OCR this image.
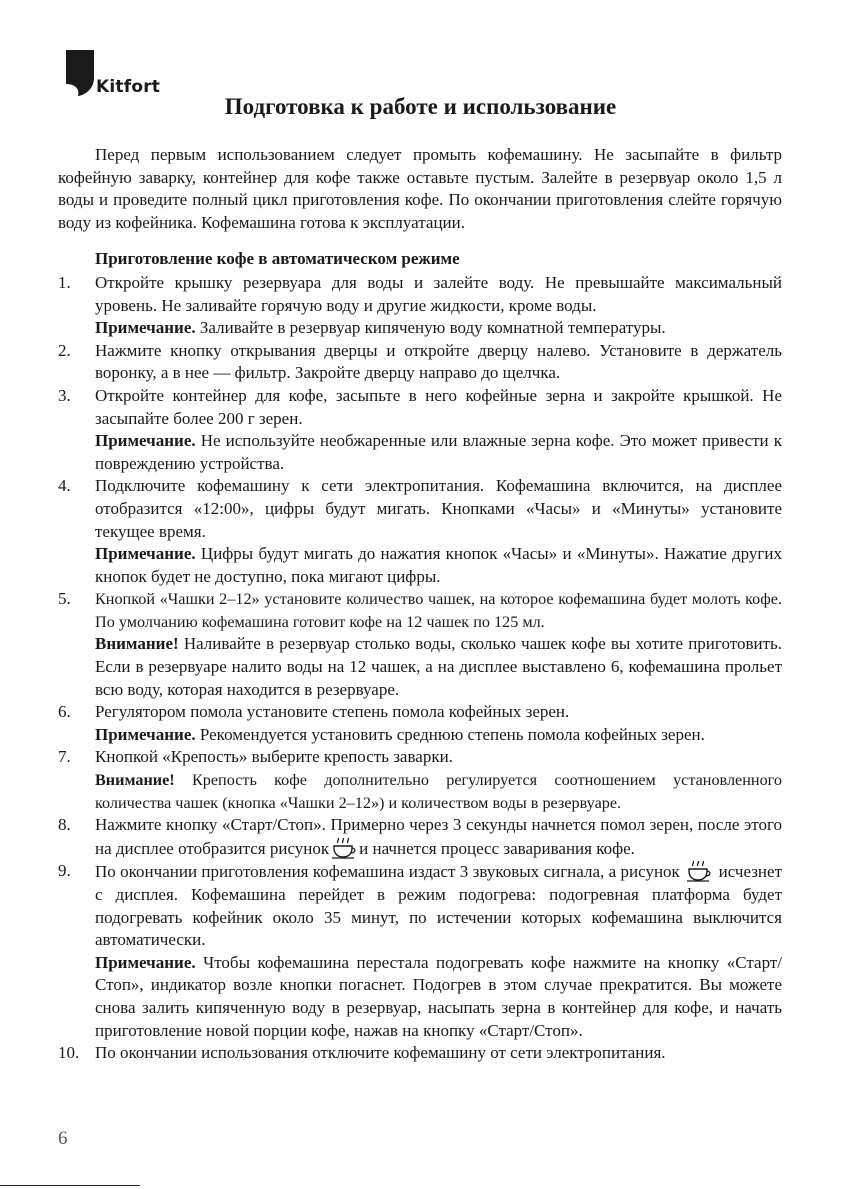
Kitfort
Подготовка к работе и использование

Перед первым использованием следует промыть кофемашину. Не засыпайте в фильтр кофейную заварку, контейнер для кофе также оставьте пустым. Залейте в резервуар около 1,5 л воды и проведите полный цикл приготовления кофе. По окончании приготовления слейте горячую воду из кофейника. Кофемашина готова к эксплуатации.

Приготовление кофе в автоматическом режиме
1. Откройте крышку резервуара для воды и залейте воду. Не превышайте максимальный уровень. Не заливайте горячую воду и другие жидкости, кроме воды.

Примечание. Заливайте в резервуар кипяченую воду комнатной температуры.

2. Нажмите кнопку открывания дверцы и откройте дверцу налево. Установите в держатель воронку, а в нее — фильтр. Закройте дверцу направо до щелчка.

3. Откройте контейнер для кофе, засыпьте в него кофейные зерна и закройте крышкой. Не засыпайте более 200 г зерен.

Примечание. Не используйте необжаренные или влажные зерна кофе. Это может привести к повреждению устройства.

4. Подключите кофемашину к сети электропитания. Кофемашина включится, на дисплее отобразится «12:00», цифры будут мигать. Кнопками «Часы» и «Минуты» установите текущее время.

Примечание. Цифры будут мигать до нажатия кнопок «Часы» и «Минуты». Нажатие других кнопок будет не доступно, пока мигают цифры.

5. Кнопкой «Чашки 2–12» установите количество чашек, на которое кофемашина будет молоть кофе. По умолчанию кофемашина готовит кофе на 12 чашек по 125 мл.

Внимание! Наливайте в резервуар столько воды, сколько чашек кофе вы хотите приготовить. Если в резервуаре налито воды на 12 чашек, а на дисплее выставлено 6, кофемашина прольет всю воду, которая находится в резервуаре.

6. Регулятором помола установите степень помола кофейных зерен.

Примечание. Рекомендуется установить среднюю степень помола кофейных зерен.

7. Кнопкой «Крепость» выберите крепость заварки.

Внимание! Крепость кофе дополнительно регулируется соотношением установленного количества чашек (кнопка «Чашки 2–12») и количеством воды в резервуаре.

8. Нажмите кнопку «Старт/Стоп». Примерно через 3 секунды начнется помол зерен, после этого на дисплее отобразится рисунок и начнется процесс заваривания кофе.

9. По окончании приготовления кофемашина издаст 3 звуковых сигнала, а рисунок исчезнет с дисплея. Кофемашина перейдет в режим подогрева: подогревная платформа будет подогревать кофейник около 35 минут, по истечении которых кофемашина выключится автоматически.

Примечание. Чтобы кофемашина перестала подогревать кофе нажмите на кнопку «Старт/Стоп», индикатор возле кнопки погаснет. Подогрев в этом случае прекратится. Вы можете снова залить кипяченную воду в резервуар, насыпать зерна в контейнер для кофе, и начать приготовление новой порции кофе, нажав на кнопку «Старт/Стоп».

10. По окончании использования отключите кофемашину от сети электропитания.

6
